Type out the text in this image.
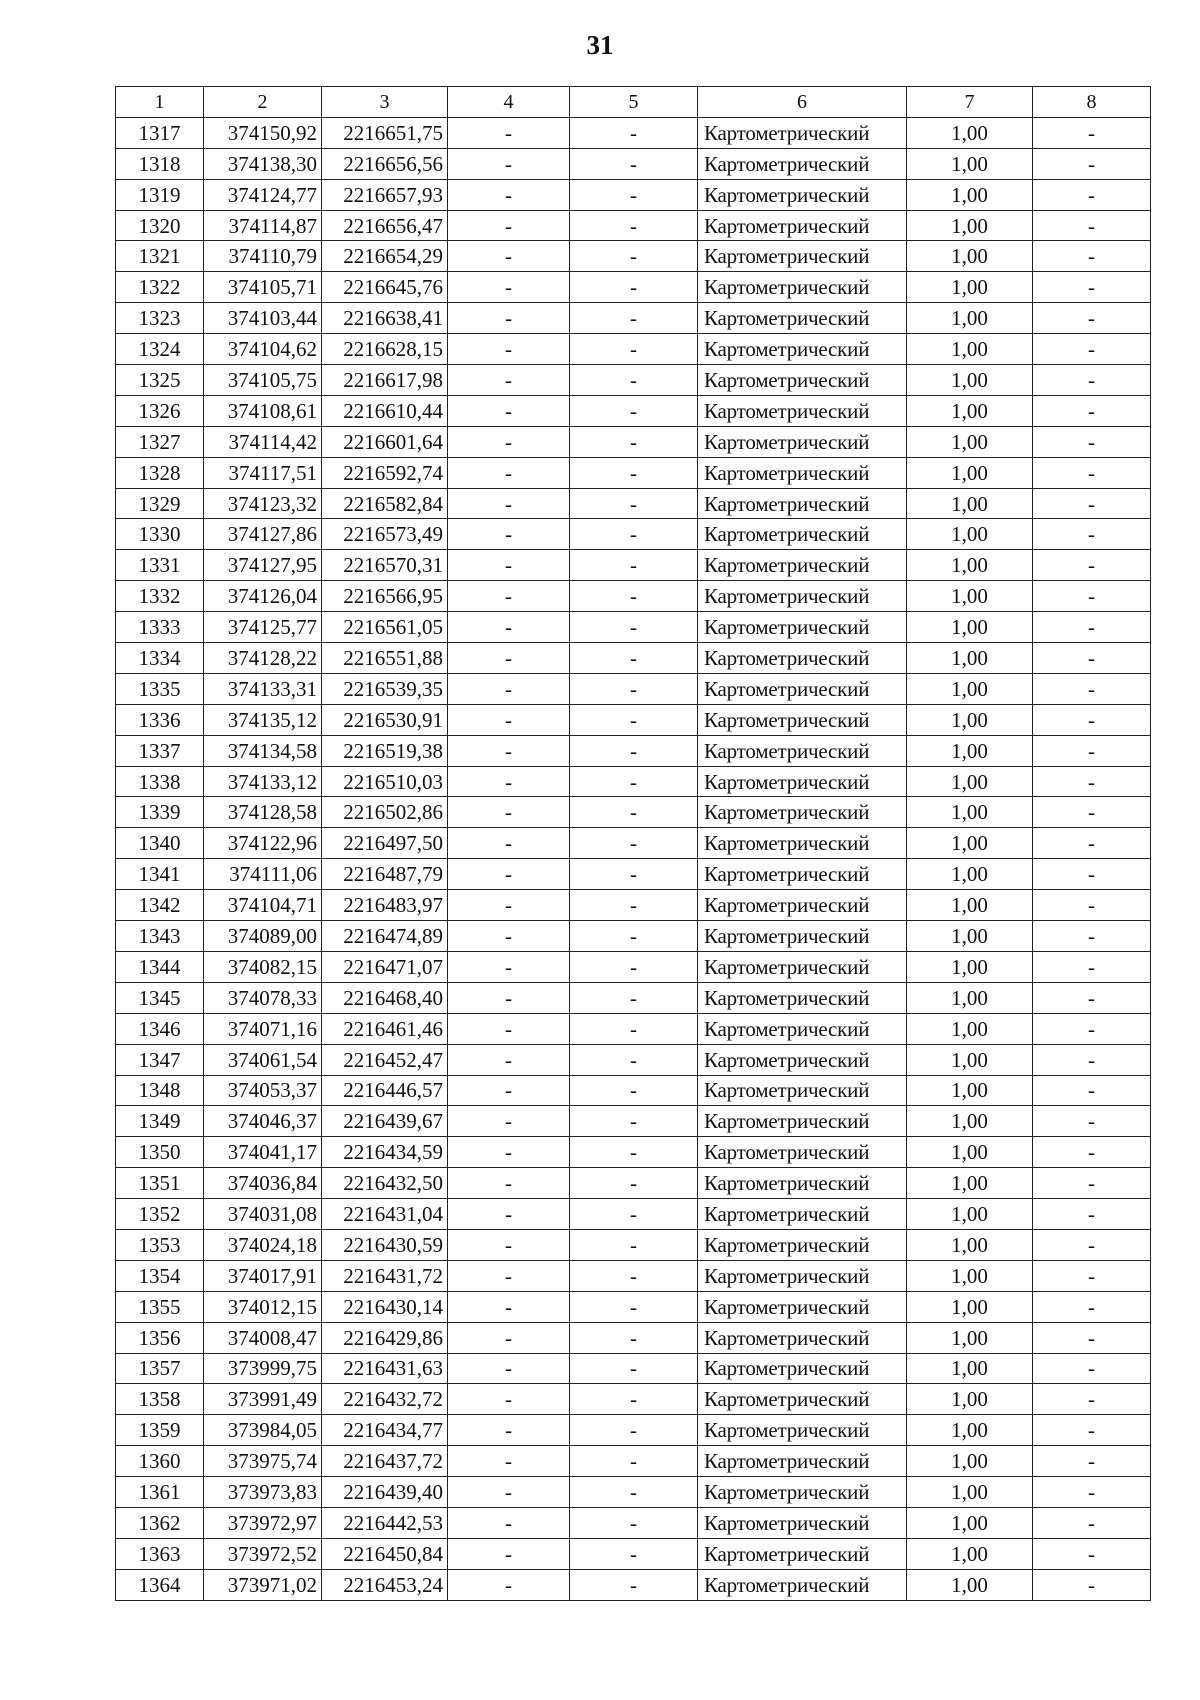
31
1	2	3	4	5	6	7	8
1317	374150,92	2216651,75	-	-	Картометрический	1,00	-
1318	374138,30	2216656,56	-	-	Картометрический	1,00	-
1319	374124,77	2216657,93	-	-	Картометрический	1,00	-
1320	374114,87	2216656,47	-	-	Картометрический	1,00	-
1321	374110,79	2216654,29	-	-	Картометрический	1,00	-
1322	374105,71	2216645,76	-	-	Картометрический	1,00	-
1323	374103,44	2216638,41	-	-	Картометрический	1,00	-
1324	374104,62	2216628,15	-	-	Картометрический	1,00	-
1325	374105,75	2216617,98	-	-	Картометрический	1,00	-
1326	374108,61	2216610,44	-	-	Картометрический	1,00	-
1327	374114,42	2216601,64	-	-	Картометрический	1,00	-
1328	374117,51	2216592,74	-	-	Картометрический	1,00	-
1329	374123,32	2216582,84	-	-	Картометрический	1,00	-
1330	374127,86	2216573,49	-	-	Картометрический	1,00	-
1331	374127,95	2216570,31	-	-	Картометрический	1,00	-
1332	374126,04	2216566,95	-	-	Картометрический	1,00	-
1333	374125,77	2216561,05	-	-	Картометрический	1,00	-
1334	374128,22	2216551,88	-	-	Картометрический	1,00	-
1335	374133,31	2216539,35	-	-	Картометрический	1,00	-
1336	374135,12	2216530,91	-	-	Картометрический	1,00	-
1337	374134,58	2216519,38	-	-	Картометрический	1,00	-
1338	374133,12	2216510,03	-	-	Картометрический	1,00	-
1339	374128,58	2216502,86	-	-	Картометрический	1,00	-
1340	374122,96	2216497,50	-	-	Картометрический	1,00	-
1341	374111,06	2216487,79	-	-	Картометрический	1,00	-
1342	374104,71	2216483,97	-	-	Картометрический	1,00	-
1343	374089,00	2216474,89	-	-	Картометрический	1,00	-
1344	374082,15	2216471,07	-	-	Картометрический	1,00	-
1345	374078,33	2216468,40	-	-	Картометрический	1,00	-
1346	374071,16	2216461,46	-	-	Картометрический	1,00	-
1347	374061,54	2216452,47	-	-	Картометрический	1,00	-
1348	374053,37	2216446,57	-	-	Картометрический	1,00	-
1349	374046,37	2216439,67	-	-	Картометрический	1,00	-
1350	374041,17	2216434,59	-	-	Картометрический	1,00	-
1351	374036,84	2216432,50	-	-	Картометрический	1,00	-
1352	374031,08	2216431,04	-	-	Картометрический	1,00	-
1353	374024,18	2216430,59	-	-	Картометрический	1,00	-
1354	374017,91	2216431,72	-	-	Картометрический	1,00	-
1355	374012,15	2216430,14	-	-	Картометрический	1,00	-
1356	374008,47	2216429,86	-	-	Картометрический	1,00	-
1357	373999,75	2216431,63	-	-	Картометрический	1,00	-
1358	373991,49	2216432,72	-	-	Картометрический	1,00	-
1359	373984,05	2216434,77	-	-	Картометрический	1,00	-
1360	373975,74	2216437,72	-	-	Картометрический	1,00	-
1361	373973,83	2216439,40	-	-	Картометрический	1,00	-
1362	373972,97	2216442,53	-	-	Картометрический	1,00	-
1363	373972,52	2216450,84	-	-	Картометрический	1,00	-
1364	373971,02	2216453,24	-	-	Картометрический	1,00	-
